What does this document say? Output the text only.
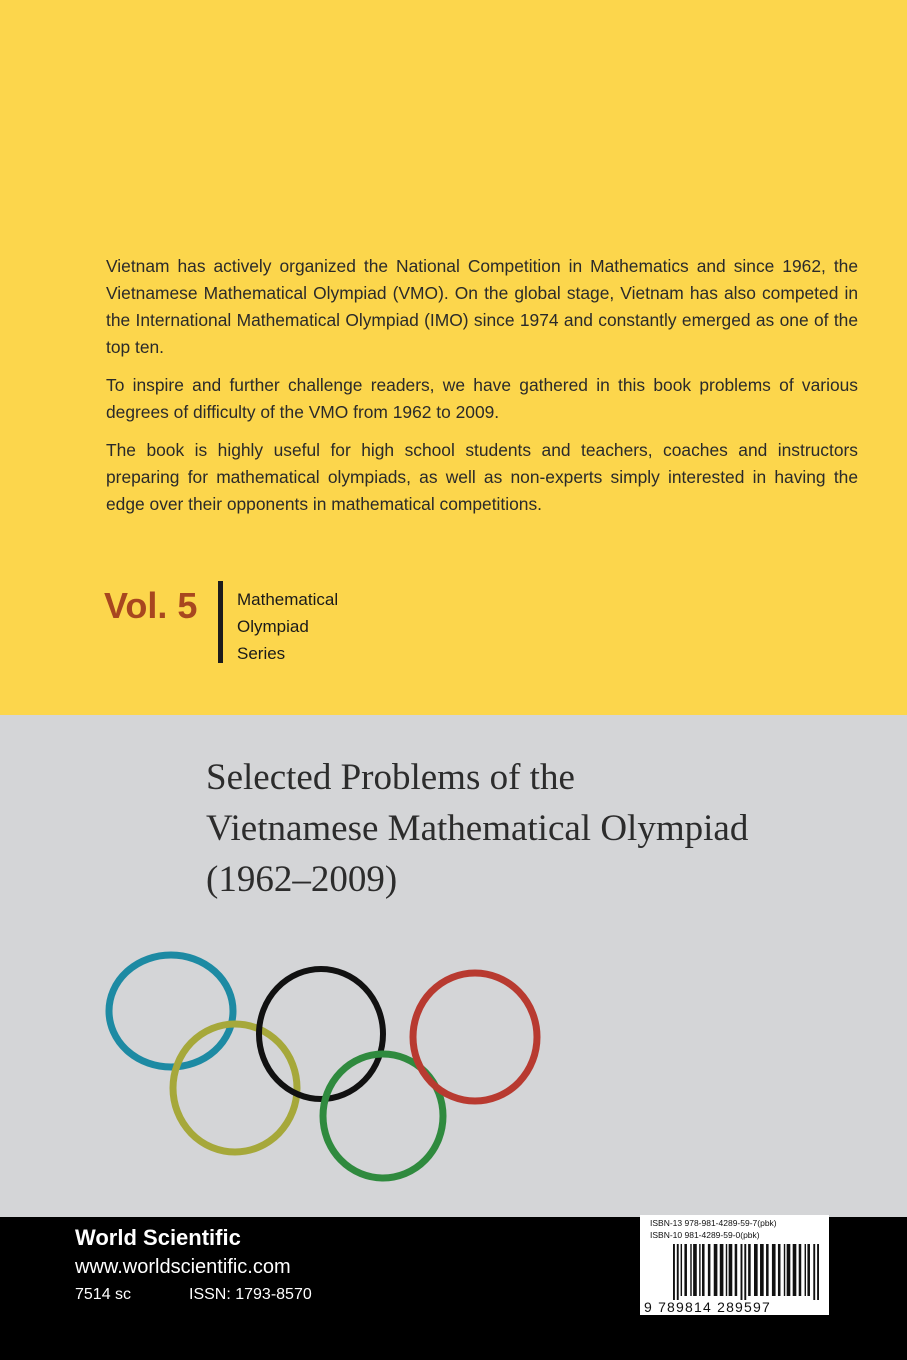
Vietnam has actively organized the National Competition in Mathematics and since 1962, the Vietnamese Mathematical Olympiad (VMO). On the global stage, Vietnam has also competed in the International Mathematical Olympiad (IMO) since 1974 and constantly emerged as one of the top ten.

To inspire and further challenge readers, we have gathered in this book problems of various degrees of difficulty of the VMO from 1962 to 2009.

The book is highly useful for high school students and teachers, coaches and instructors preparing for mathematical olympiads, as well as non-experts simply interested in having the edge over their opponents in mathematical competitions.

Vol. 5 Mathematical
Olympiad
Series
Selected Problems of the
Vietnamese Mathematical Olympiad
(1962–2009)
World Scientific
www.worldscientific.com
7514 sc	ISSN: 1793-8570
ISBN-13 978-981-4289-59-7(pbk)
ISBN-10 981-4289-59-0(pbk)
9 789814 289597
